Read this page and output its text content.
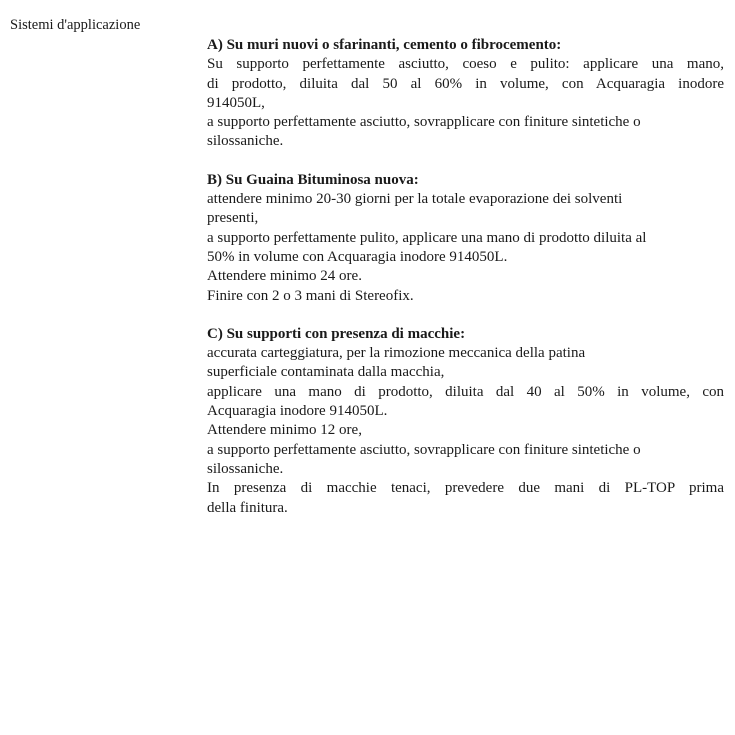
Sistemi d'applicazione
A) Su muri nuovi o sfarinanti, cemento o fibrocemento:
Su supporto perfettamente asciutto, coeso e pulito: applicare una mano,
di prodotto, diluita dal 50 al 60% in volume, con Acquaragia inodore
914050L,
a supporto perfettamente asciutto, sovrapplicare con finiture sintetiche o
silossaniche.
B) Su Guaina Bituminosa nuova:
attendere minimo 20-30 giorni per la totale evaporazione dei solventi
presenti,
a supporto perfettamente pulito, applicare una mano di prodotto diluita al
50% in volume con Acquaragia inodore 914050L.
Attendere minimo 24 ore.
Finire con 2 o 3 mani di Stereofix.
C) Su supporti con presenza di macchie:
accurata carteggiatura, per la rimozione meccanica della patina
superficiale contaminata dalla macchia,
applicare una mano di prodotto, diluita dal 40 al 50% in volume, con
Acquaragia inodore 914050L.
Attendere minimo 12 ore,
a supporto perfettamente asciutto, sovrapplicare con finiture sintetiche o
silossaniche.
In presenza di macchie tenaci, prevedere due mani di PL-TOP prima
della finitura.
